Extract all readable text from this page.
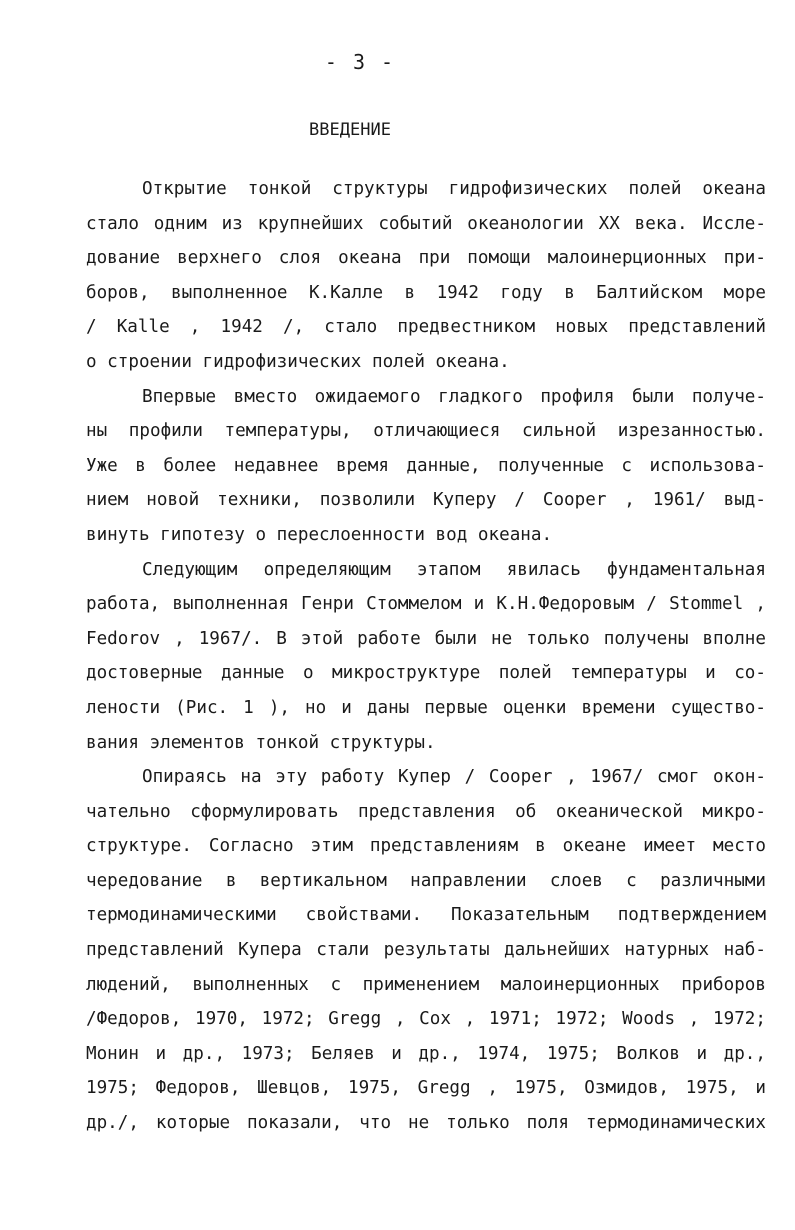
- 3 -
ВВЕДЕНИЕ
Открытие тонкой структуры гидрофизических полей океана
стало одним из крупнейших событий океанологии XX века. Иссле-
дование верхнего слоя океана при помощи малоинерционных при-
боров, выполненное К.Калле в 1942 году в Балтийском море
/ Kalle , 1942 /, стало предвестником новых представлений
о строении гидрофизических полей океана.
Впервые вместо ожидаемого гладкого профиля были получе-
ны профили температуры, отличающиеся сильной изрезанностью.
Уже в более недавнее время данные, полученные с использова-
нием новой техники, позволили Куперу / Cooper , 1961/ выд-
винуть гипотезу о переслоенности вод океана.
Следующим определяющим этапом явилась фундаментальная
работа, выполненная Генри Стоммелом и К.Н.Федоровым / Stommel ,
Fedorov , 1967/. В этой работе были не только получены вполне
достоверные данные о микроструктуре полей температуры и со-
лености (Рис. 1 ), но и даны первые оценки времени существо-
вания элементов тонкой структуры.
Опираясь на эту работу Купер / Cooper , 1967/ смог окон-
чательно сформулировать представления об океанической микро-
структуре. Согласно этим представлениям в океане имеет место
чередование в вертикальном направлении слоев с различными
термодинамическими свойствами. Показательным подтверждением
представлений Купера стали результаты дальнейших натурных наб-
людений, выполненных с применением малоинерционных приборов
/Федоров, 1970, 1972; Gregg , Cox , 1971; 1972; Woods , 1972;
Монин и др., 1973; Беляев и др., 1974, 1975; Волков и др.,
1975; Федоров, Шевцов, 1975, Gregg , 1975, Озмидов, 1975, и
др./, которые показали, что не только поля термодинамических
